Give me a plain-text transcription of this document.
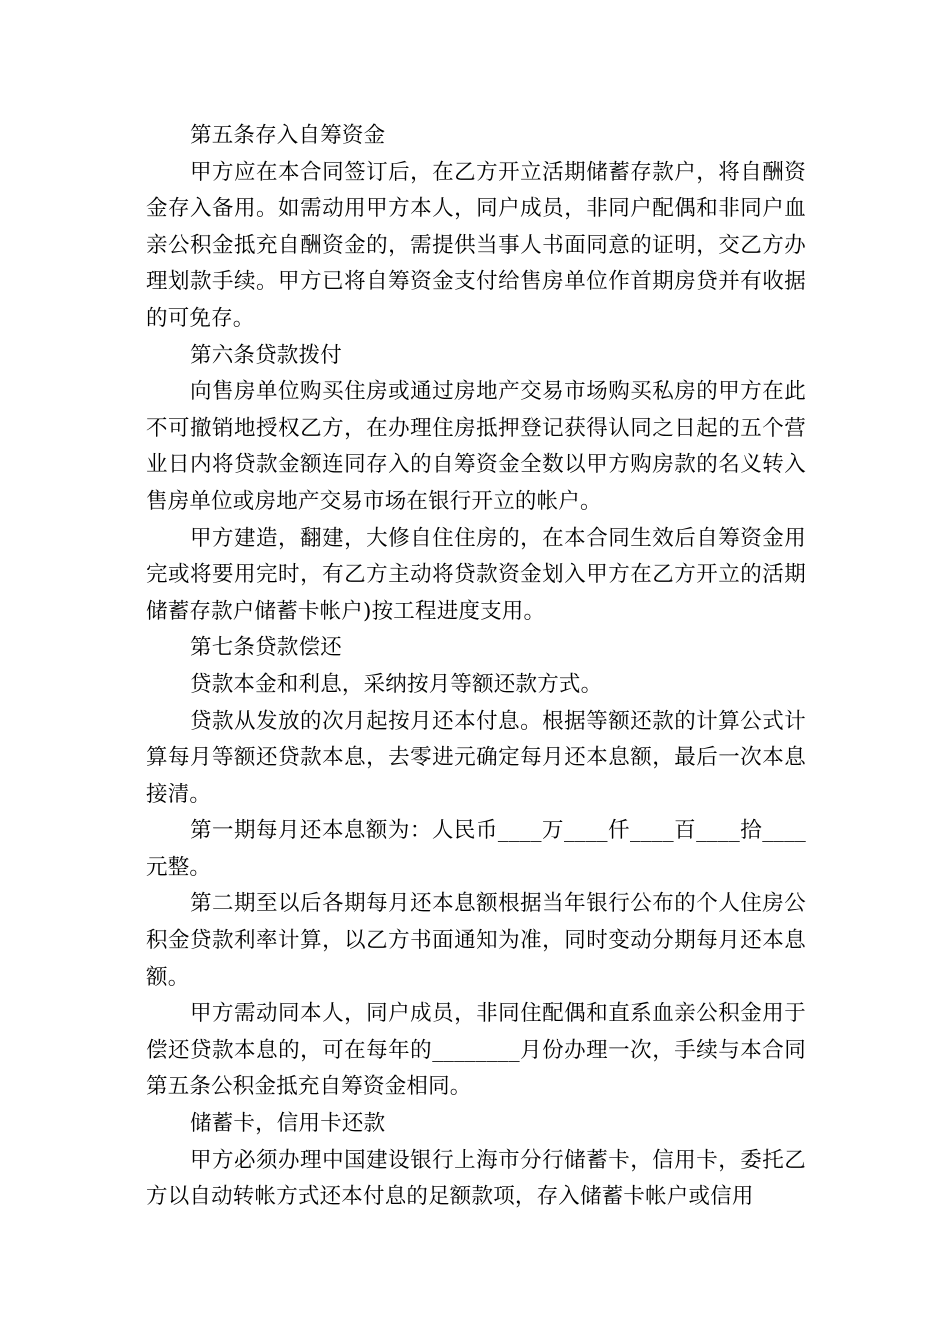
第五条存入自筹资金

甲方应在本合同签订后，在乙方开立活期储蓄存款户，将自酬资金存入备用。如需动用甲方本人，同户成员，非同户配偶和非同户血亲公积金抵充自酬资金的，需提供当事人书面同意的证明，交乙方办理划款手续。甲方已将自筹资金支付给售房单位作首期房贷并有收据的可免存。

第六条贷款拨付

向售房单位购买住房或通过房地产交易市场购买私房的甲方在此不可撤销地授权乙方，在办理住房抵押登记获得认同之日起的五个营业日内将贷款金额连同存入的自筹资金全数以甲方购房款的名义转入售房单位或房地产交易市场在银行开立的帐户。

甲方建造，翻建，大修自住住房的，在本合同生效后自筹资金用完或将要用完时，有乙方主动将贷款资金划入甲方在乙方开立的活期储蓄存款户储蓄卡帐户)按工程进度支用。

第七条贷款偿还

贷款本金和利息，采纳按月等额还款方式。

贷款从发放的次月起按月还本付息。根据等额还款的计算公式计算每月等额还贷款本息，去零进元确定每月还本息额，最后一次本息接清。

第一期每月还本息额为：人民币____万____仟____百____拾____元整。

第二期至以后各期每月还本息额根据当年银行公布的个人住房公积金贷款利率计算，以乙方书面通知为准，同时变动分期每月还本息额。

甲方需动同本人，同户成员，非同住配偶和直系血亲公积金用于偿还贷款本息的，可在每年的________月份办理一次，手续与本合同第五条公积金抵充自筹资金相同。

储蓄卡，信用卡还款

甲方必须办理中国建设银行上海市分行储蓄卡，信用卡，委托乙方以自动转帐方式还本付息的足额款项，存入储蓄卡帐户或信用
